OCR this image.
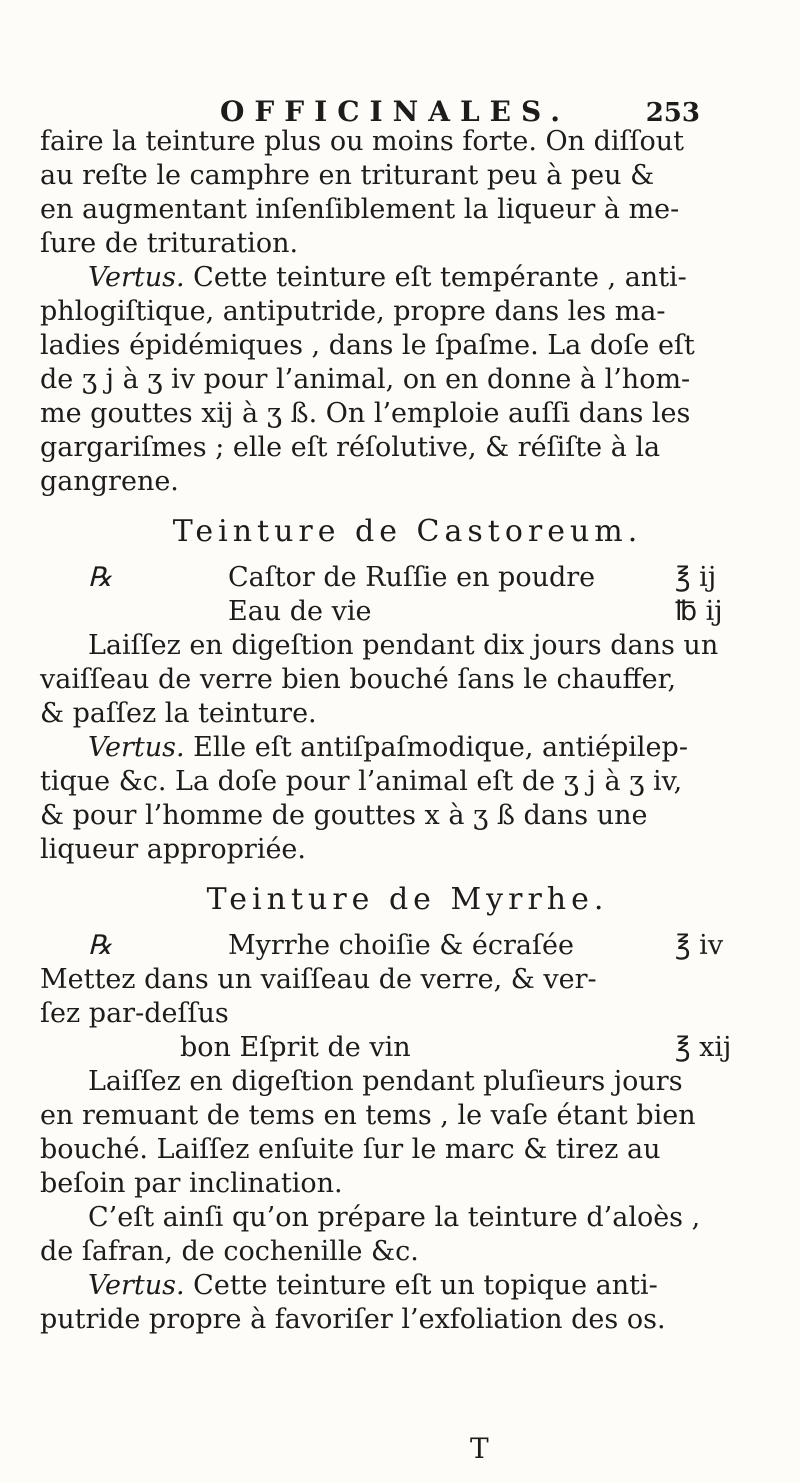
OFFICINALES.	253
faire la teinture plus ou moins forte. On diſſout
au reſte le camphre en triturant peu à peu &
en augmentant inſenſiblement la liqueur à me-
ſure de trituration.
Vertus. Cette teinture eſt tempérante , anti-
phlogiſtique, antiputride, propre dans les ma-
ladies épidémiques , dans le ſpaſme. La doſe eſt
de ʒ j à ʒ iv pour l’animal, on en donne à l’hom-
me gouttes xij à ʒ ß. On l’emploie auſſi dans les
gargariſmes ; elle eſt réſolutive, & réſiſte à la
gangrene.
Teinture de Castoreum.
℞	Caſtor de Ruſſie en poudre	℥ ij
Eau de vie	℔ ij
Laiſſez en digeſtion pendant dix jours dans un
vaiſſeau de verre bien bouché ſans le chauffer,
& paſſez la teinture.
Vertus. Elle eſt antiſpaſmodique, antiépilep-
tique &c. La doſe pour l’animal eſt de ʒ j à ʒ iv,
& pour l’homme de gouttes x à ʒ ß dans une
liqueur appropriée.
Teinture de Myrrhe.
℞	Myrrhe choiſie & écraſée	℥ iv
Mettez dans un vaiſſeau de verre, & ver-
ſez par-deſſus
bon Eſprit de vin	℥ xij
Laiſſez en digeſtion pendant pluſieurs jours
en remuant de tems en tems , le vaſe étant bien
bouché. Laiſſez enſuite ſur le marc & tirez au
beſoin par inclination.
C’eſt ainſi qu’on prépare la teinture d’aloès ,
de ſafran, de cochenille &c.
Vertus. Cette teinture eſt un topique anti-
putride propre à favoriſer l’exfoliation des os.
T
